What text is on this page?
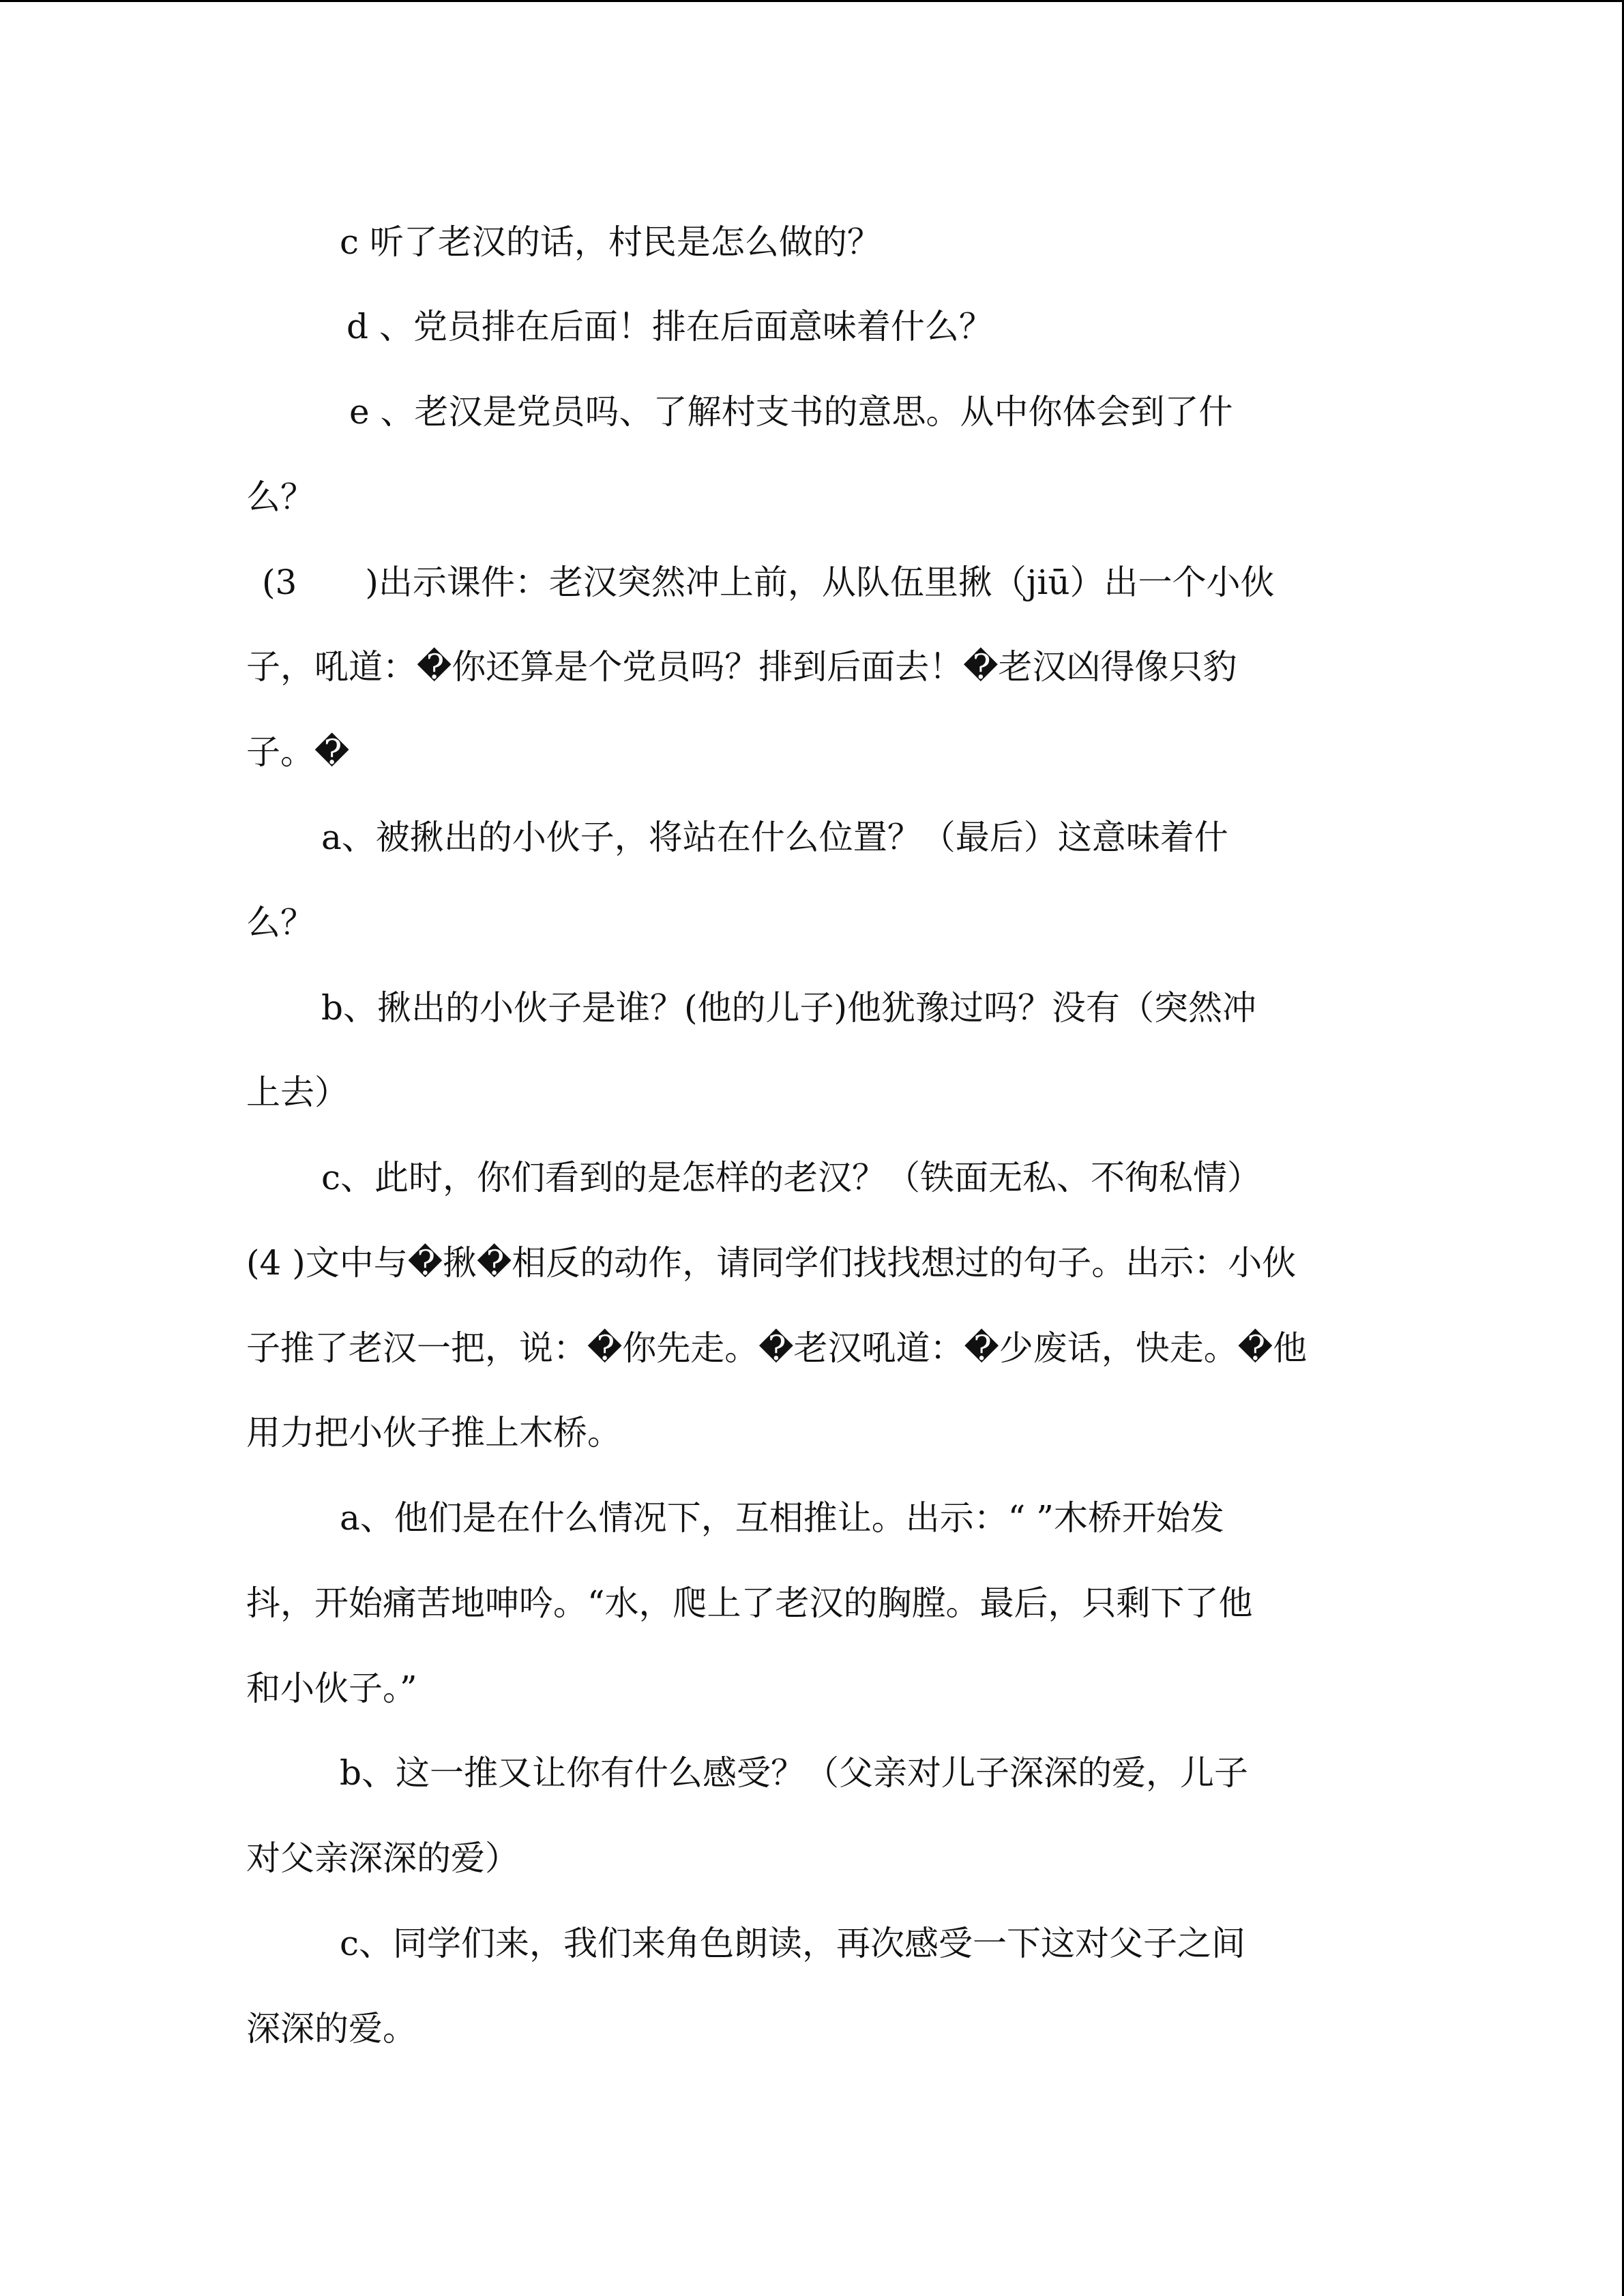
c 听了老汉的话，村民是怎么做的？
d 、党员排在后面！排在后面意味着什么？
e 、老汉是党员吗、了解村支书的意思。从中你体会到了什
么？
(3　　)出示课件：老汉突然冲上前，从队伍里揪（jiū）出一个小伙
子，吼道：�你还算是个党员吗？排到后面去！�老汉凶得像只豹
子。�
a、被揪出的小伙子，将站在什么位置？（最后）这意味着什
么？
b、揪出的小伙子是谁？(他的儿子)他犹豫过吗？没有（突然冲
上去）
c、此时，你们看到的是怎样的老汉？（铁面无私、不徇私情）
(4 )文中与�揪�相反的动作，请同学们找找想过的句子。出示：小伙
子推了老汉一把，说：�你先走。�老汉吼道：�少废话，快走。�他
用力把小伙子推上木桥。
a、他们是在什么情况下，互相推让。出示：“ ”木桥开始发
抖，开始痛苦地呻吟。“水，爬上了老汉的胸膛。最后，只剩下了他
和小伙子。”
b、这一推又让你有什么感受？（父亲对儿子深深的爱，儿子
对父亲深深的爱）
c、同学们来，我们来角色朗读，再次感受一下这对父子之间
深深的爱。
